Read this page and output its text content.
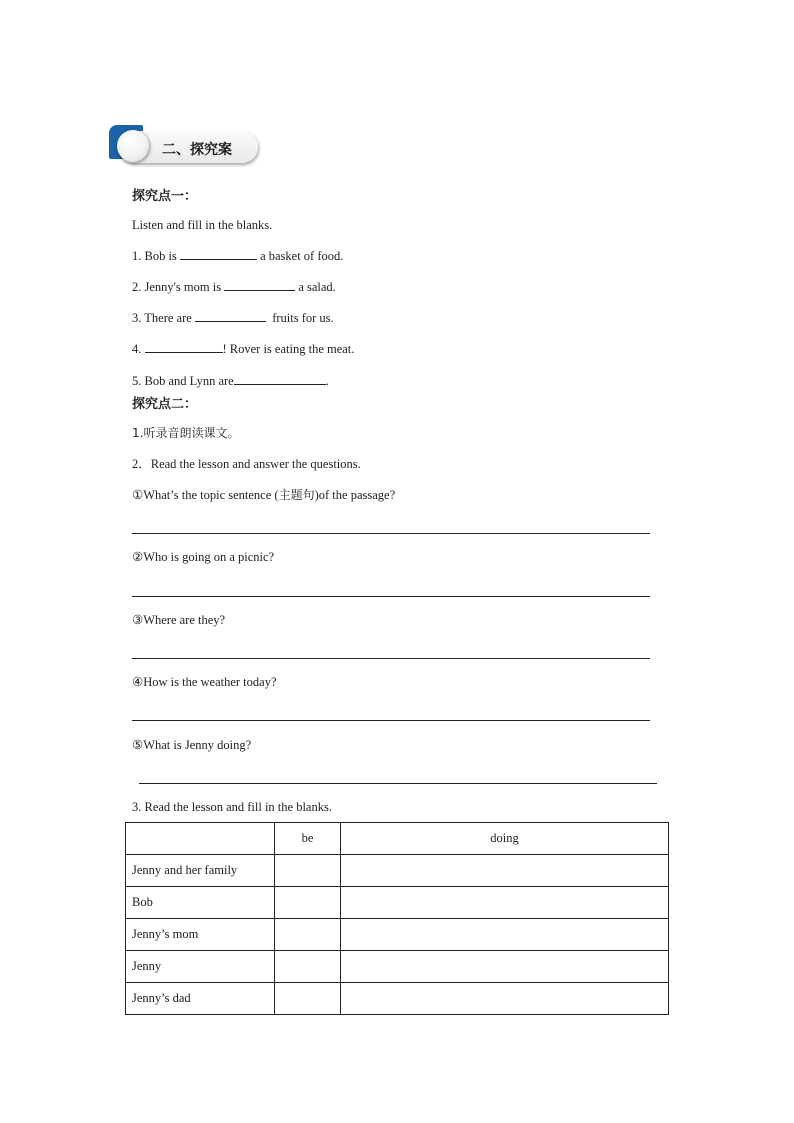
二、探究案
探究点一：
Listen and fill in the blanks.
1. Bob is	a basket of food.
2. Jenny's mom is	a salad.
3. There are	fruits for us.
4.	! Rover is eating the meat.
5. Bob and Lynn are	.
探究点二：
1.听录音朗读课文。
2．Read the lesson and answer the questions.
①What’s the topic sentence (主题句)of the passage?
②Who is going on a picnic?
③Where are they?
④How is the weather today?
⑤What is Jenny doing?
3. Read the lesson and fill in the blanks.
	be	doing
Jenny and her family		
Bob		
Jenny’s mom		
Jenny		
Jenny’s dad		
